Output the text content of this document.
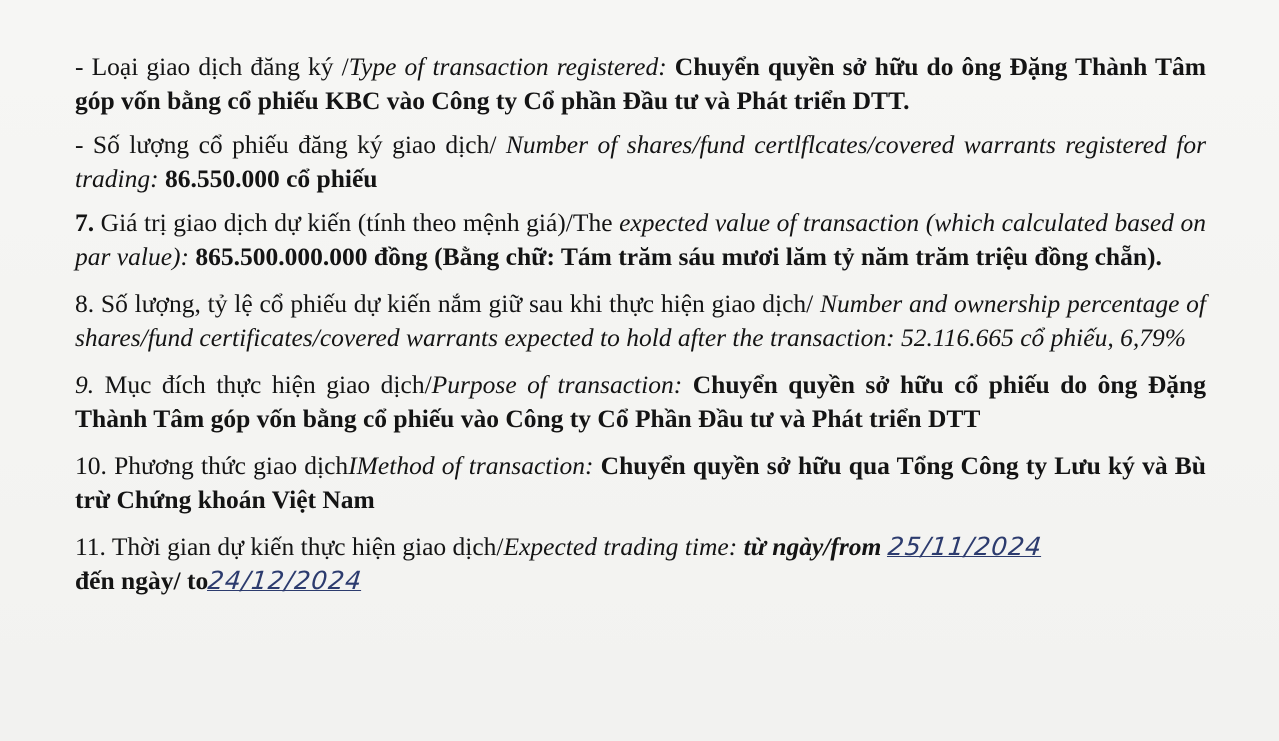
- Loại giao dịch đăng ký /Type of transaction registered: Chuyển quyền sở hữu do ông Đặng Thành Tâm góp vốn bằng cổ phiếu KBC vào Công ty Cổ phần Đầu tư và Phát triển DTT.

- Số lượng cổ phiếu đăng ký giao dịch/ Number of shares/fund certlflcates/covered warrants registered for trading: 86.550.000 cổ phiếu

7. Giá trị giao dịch dự kiến (tính theo mệnh giá)/The expected value of transaction (which calculated based on par value): 865.500.000.000 đồng (Bằng chữ: Tám trăm sáu mươi lăm tỷ năm trăm triệu đồng chẵn).

8. Số lượng, tỷ lệ cổ phiếu dự kiến nắm giữ sau khi thực hiện giao dịch/ Number and ownership percentage of shares/fund certificates/covered warrants expected to hold after the transaction: 52.116.665 cổ phiếu, 6,79%

9. Mục đích thực hiện giao dịch/Purpose of transaction: Chuyển quyền sở hữu cổ phiếu do ông Đặng Thành Tâm góp vốn bằng cổ phiếu vào Công ty Cổ Phần Đầu tư và Phát triển DTT

10. Phương thức giao dịchIMethod of transaction: Chuyển quyền sở hữu qua Tổng Công ty Lưu ký và Bù trừ Chứng khoán Việt Nam

11. Thời gian dự kiến thực hiện giao dịch/Expected trading time: từ ngày/from 25/11/2024
đến ngày/ to24/12/2024
